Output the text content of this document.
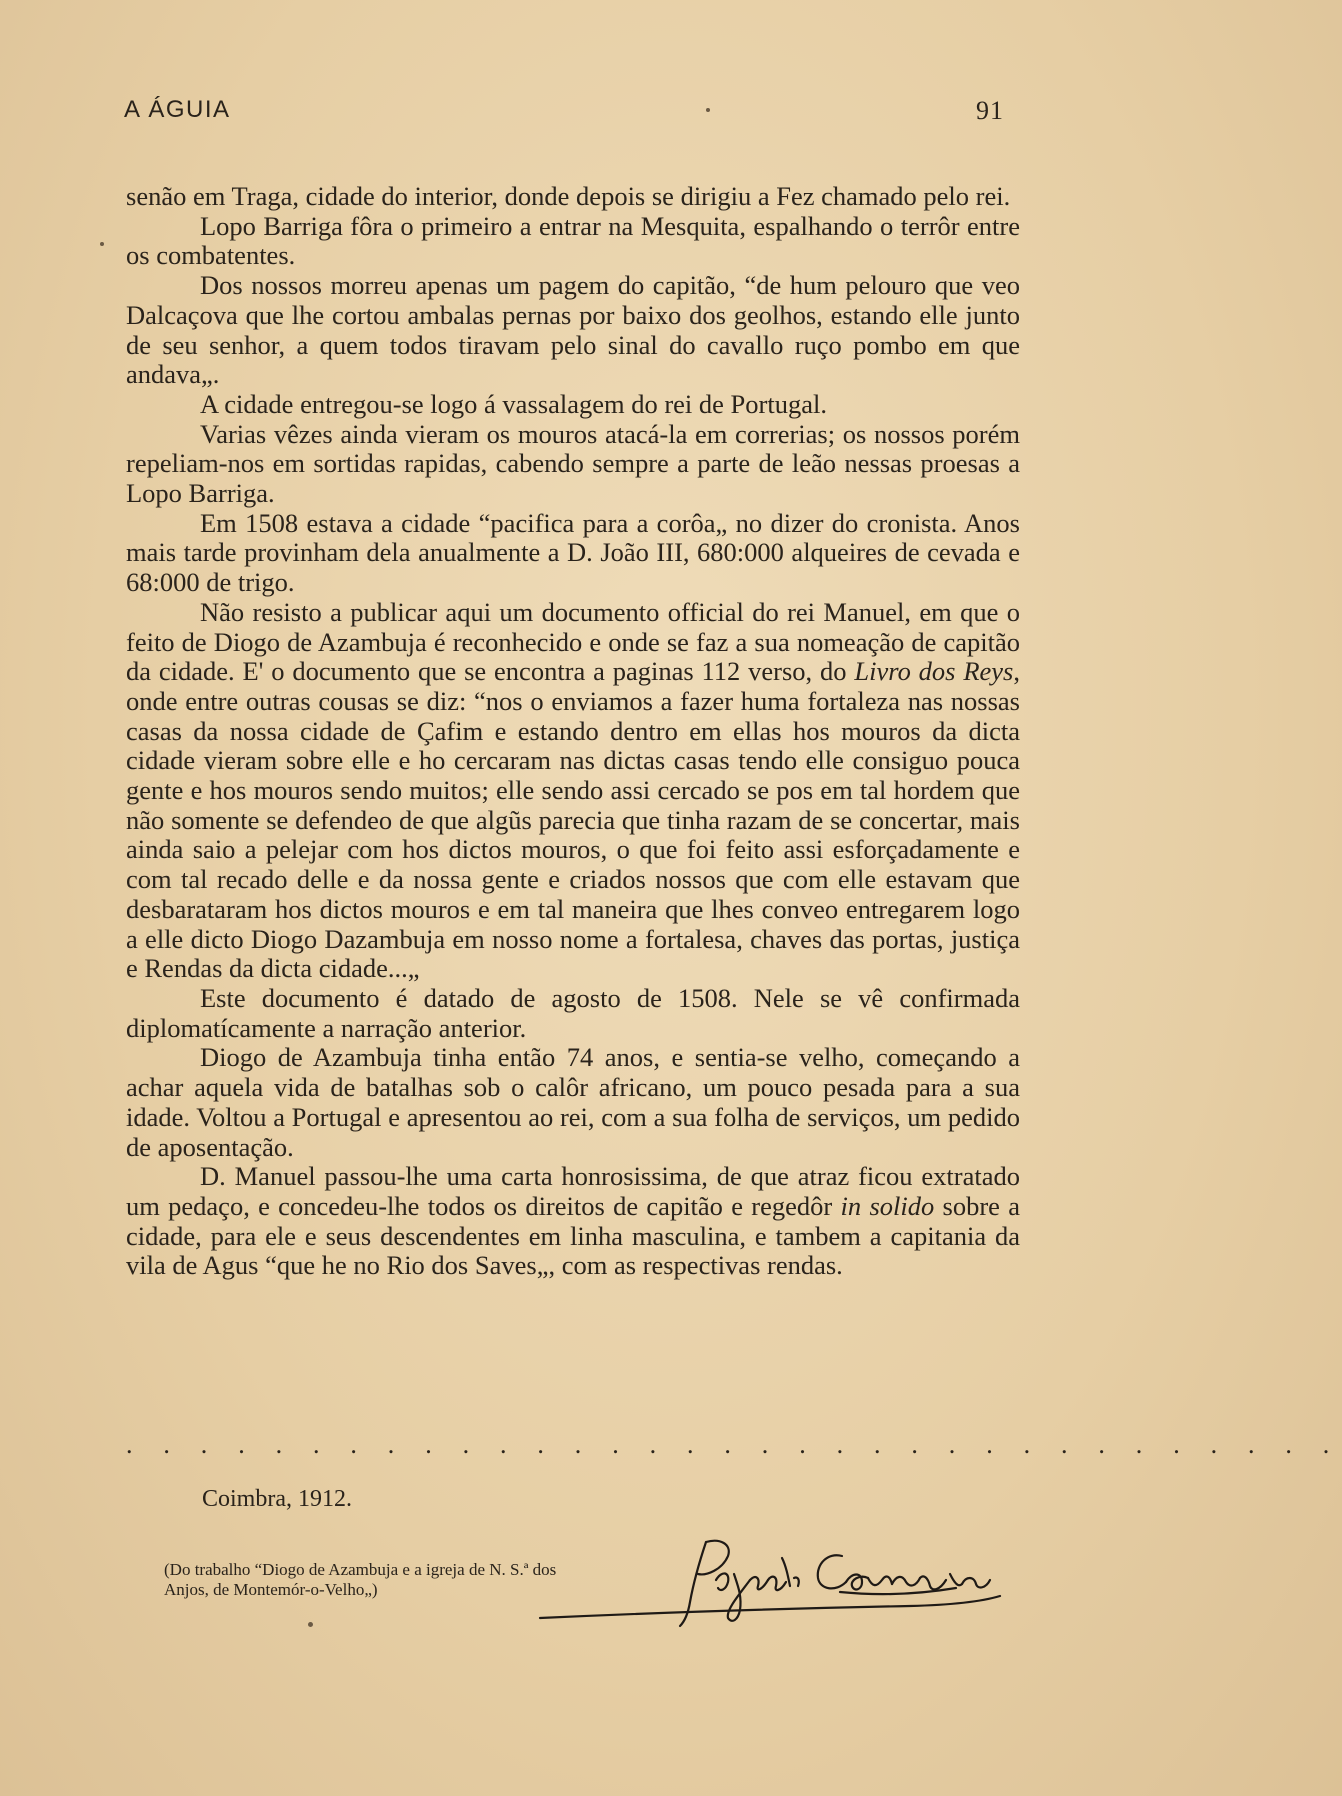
A ÁGUIA	91

senão em Traga, cidade do interior, donde depois se dirigiu a Fez chamado pelo rei.

Lopo Barriga fôra o primeiro a entrar na Mesquita, espalhando o terrôr entre os combatentes.

Dos nossos morreu apenas um pagem do capitão, “de hum pelouro que veo Dalcaçova que lhe cortou ambalas pernas por baixo dos geolhos, estando elle junto de seu senhor, a quem todos tiravam pelo sinal do cavallo ruço pombo em que andava„.

A cidade entregou-se logo á vassalagem do rei de Portugal.

Varias vêzes ainda vieram os mouros atacá-la em correrias; os nossos porém repeliam-nos em sortidas rapidas, cabendo sempre a parte de leão nessas proesas a Lopo Barriga.

Em 1508 estava a cidade “pacifica para a corôa„ no dizer do cronista. Anos mais tarde provinham dela anualmente a D. João III, 680:000 alqueires de cevada e 68:000 de trigo.

Não resisto a publicar aqui um documento official do rei Manuel, em que o feito de Diogo de Azambuja é reconhecido e onde se faz a sua nomeação de capitão da cidade. E' o documento que se encontra a paginas 112 verso, do Livro dos Reys, onde entre outras cousas se diz: “nos o enviamos a fazer huma fortaleza nas nossas casas da nossa cidade de Çafim e estando dentro em ellas hos mouros da dicta cidade vieram sobre elle e ho cercaram nas dictas casas tendo elle consiguo pouca gente e hos mouros sendo muitos; elle sendo assi cercado se pos em tal hordem que não somente se defendeo de que algũs parecia que tinha razam de se concertar, mais ainda saio a pelejar com hos dictos mouros, o que foi feito assi esforçadamente e com tal recado delle e da nossa gente e criados nossos que com elle estavam que desbarataram hos dictos mouros e em tal maneira que lhes conveo entregarem logo a elle dicto Diogo Dazambuja em nosso nome a fortalesa, chaves das portas, justiça e Rendas da dicta cidade...„

Este documento é datado de agosto de 1508. Nele se vê confirmada diplomatícamente a narração anterior.

Diogo de Azambuja tinha então 74 anos, e sentia-se velho, começando a achar aquela vida de batalhas sob o calôr africano, um pouco pesada para a sua idade. Voltou a Portugal e apresentou ao rei, com a sua folha de serviços, um pedido de aposentação.

D. Manuel passou-lhe uma carta honrosissima, de que atraz ficou extratado um pedaço, e concedeu-lhe todos os direitos de capitão e regedôr in solido sobre a cidade, para ele e seus descendentes em linha masculina, e tambem a capitania da vila de Agus “que he no Rio dos Saves„, com as respectivas rendas.

. . . . . . . . . . . . . . . . . . . . . . . . . . . . . . . . .
Coimbra, 1912.
(Do trabalho “Diogo de Azambuja e a igreja de N. S.ª dos Anjos, de Montemór-o-Velho„)
